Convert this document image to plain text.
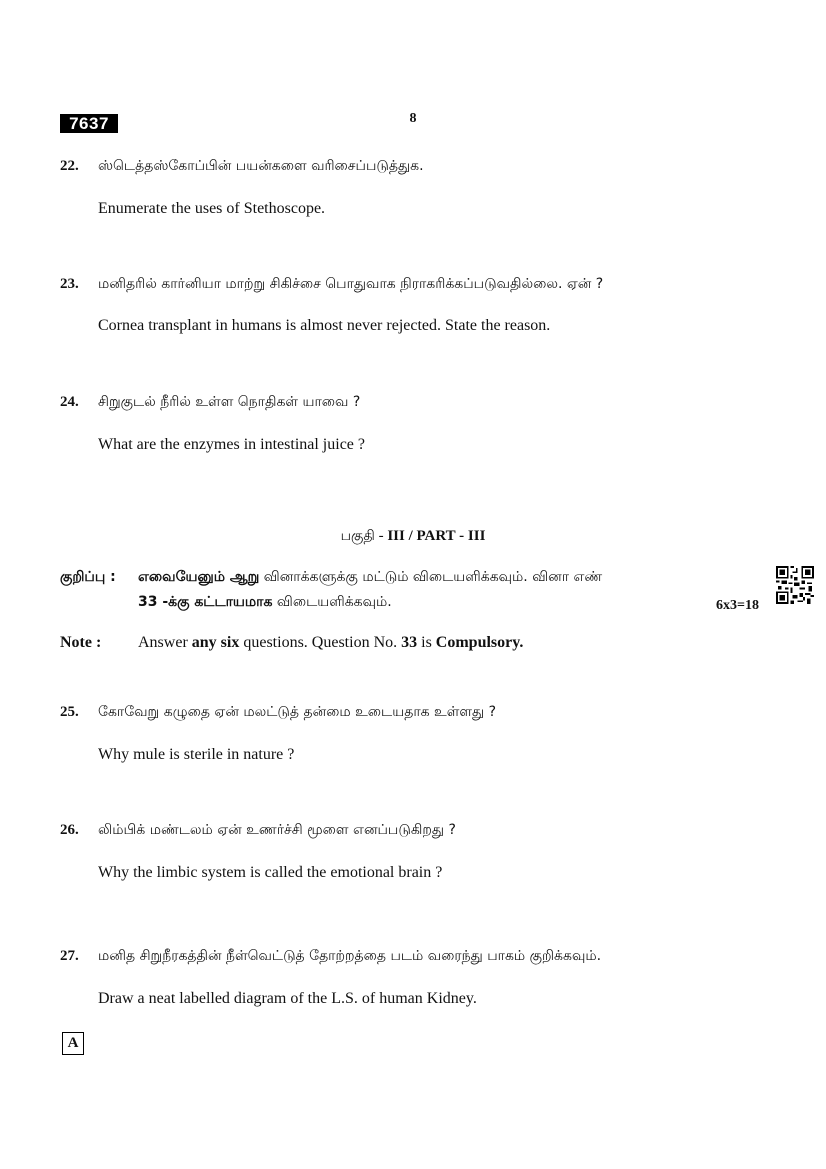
7637	8
22. ஸ்டெத்தஸ்கோப்பின் பயன்களை வரிசைப்படுத்துக.
Enumerate the uses of Stethoscope.
23. மனிதரில் கார்னியா மாற்று சிகிச்சை பொதுவாக நிராகரிக்கப்படுவதில்லை. ஏன் ?
Cornea transplant in humans is almost never rejected. State the reason.
24. சிறுகுடல் நீரில் உள்ள நொதிகள் யாவை ?
What are the enzymes in intestinal juice ?
பகுதி - III / PART - III
குறிப்பு : எவையேனும் ஆறு வினாக்களுக்கு மட்டும் விடையளிக்கவும். வினா எண்
33 -க்கு கட்டாயமாக விடையளிக்கவும்.	6x3=18
Note : Answer any six questions. Question No. 33 is Compulsory.
25. கோவேறு கழுதை ஏன் மலட்டுத் தன்மை உடையதாக உள்ளது ?
Why mule is sterile in nature ?
26. லிம்பிக் மண்டலம் ஏன் உணர்ச்சி மூளை எனப்படுகிறது ?
Why the limbic system is called the emotional brain ?
27. மனித சிறுநீரகத்தின் நீள்வெட்டுத் தோற்றத்தை படம் வரைந்து பாகம் குறிக்கவும்.
Draw a neat labelled diagram of the L.S. of human Kidney.
A
